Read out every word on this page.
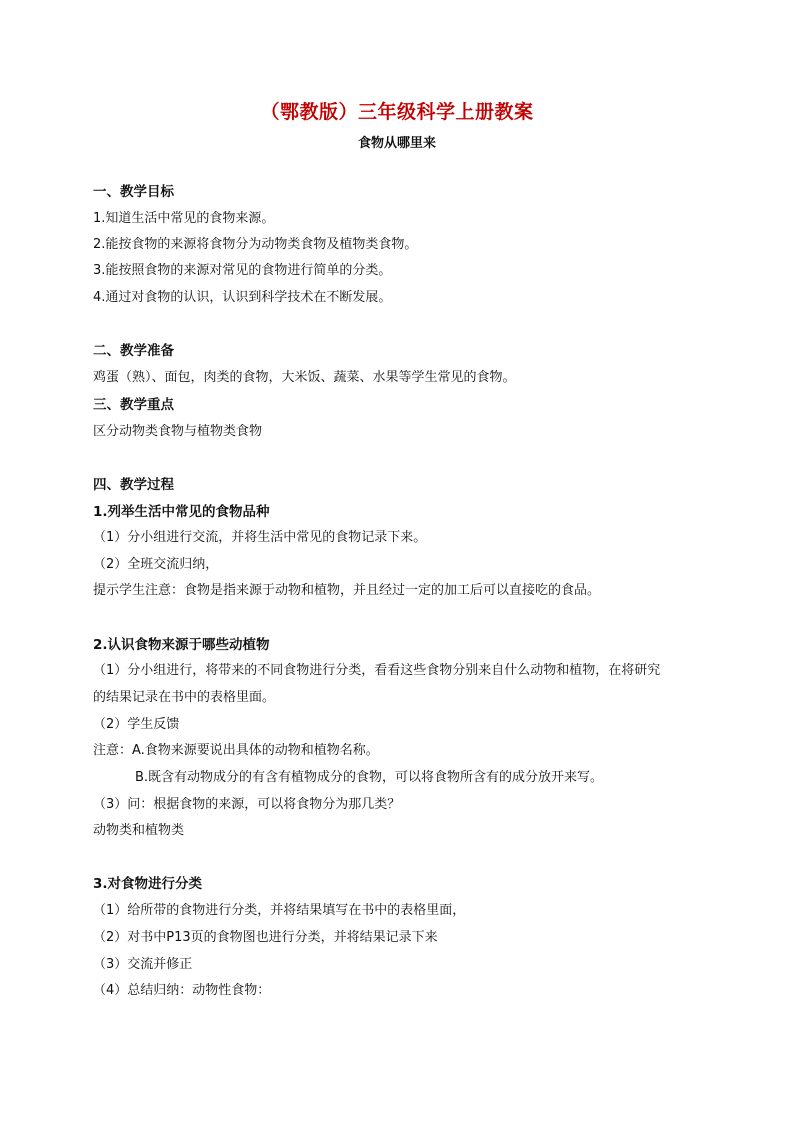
（鄂教版）三年级科学上册教案
食物从哪里来
一、教学目标
1.知道生活中常见的食物来源。
2.能按食物的来源将食物分为动物类食物及植物类食物。
3.能按照食物的来源对常见的食物进行简单的分类。
4.通过对食物的认识，认识到科学技术在不断发展。
二、教学准备
鸡蛋（熟）、面包，肉类的食物，大米饭、蔬菜、水果等学生常见的食物。
三、教学重点
区分动物类食物与植物类食物
四、教学过程
1.列举生活中常见的食物品种
（1）分小组进行交流，并将生活中常见的食物记录下来。
（2）全班交流归纳，
提示学生注意：食物是指来源于动物和植物，并且经过一定的加工后可以直接吃的食品。
2.认识食物来源于哪些动植物
（1）分小组进行，将带来的不同食物进行分类，看看这些食物分别来自什么动物和植物，在将研究
的结果记录在书中的表格里面。
（2）学生反馈
注意：A.食物来源要说出具体的动物和植物名称。
B.既含有动物成分的有含有植物成分的食物，可以将食物所含有的成分放开来写。
（3）问：根据食物的来源，可以将食物分为那几类？
动物类和植物类
3.对食物进行分类
（1）给所带的食物进行分类，并将结果填写在书中的表格里面，
（2）对书中P13页的食物图也进行分类，并将结果记录下来
（3）交流并修正
（4）总结归纳：动物性食物：
